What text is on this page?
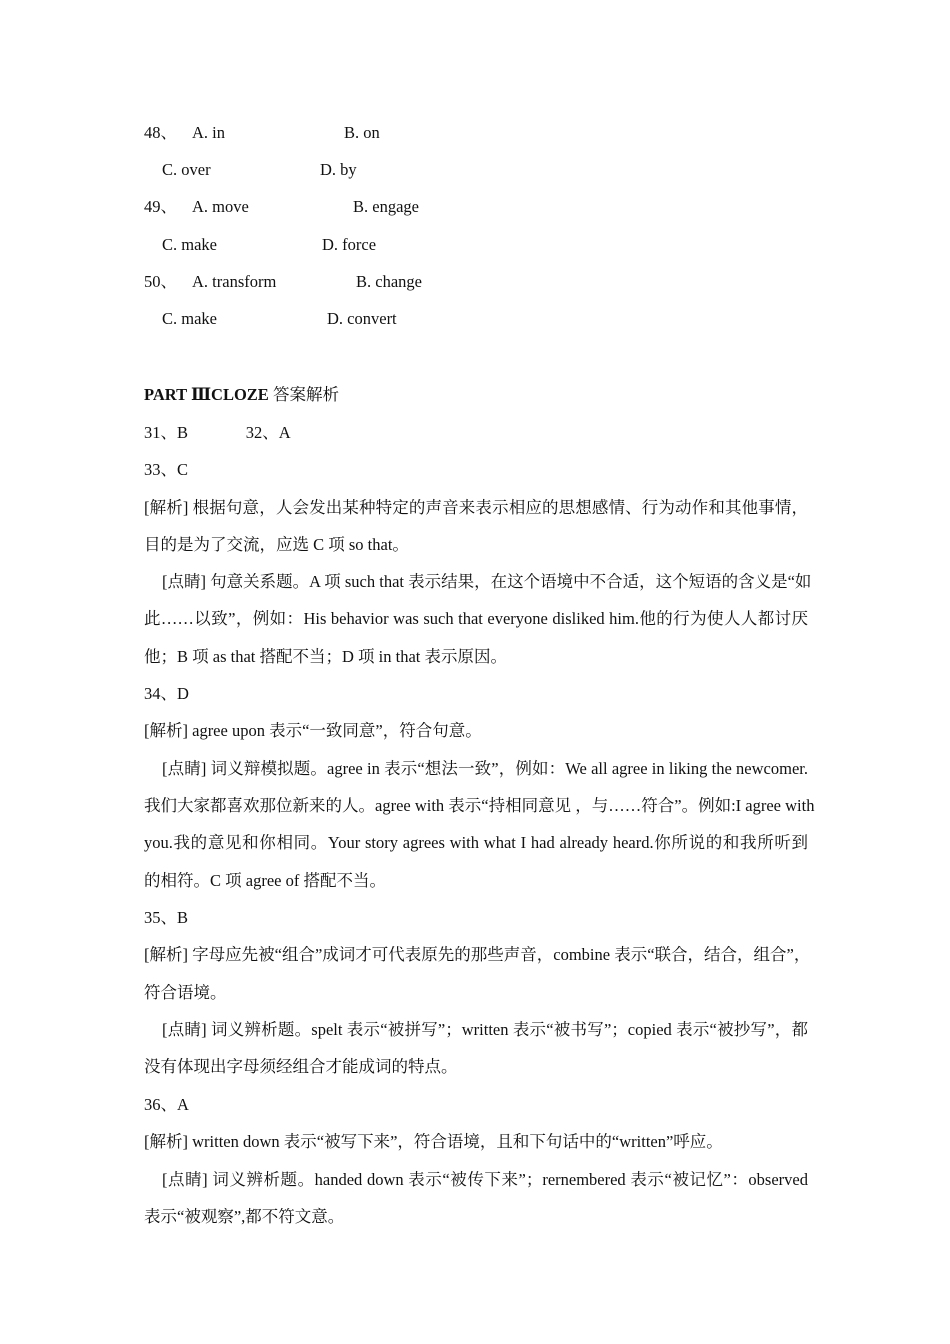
48、 A. in	B. on
C. over	D. by
49、 A. move	B. engage
C. make	D. force
50、 A. transform	B. change
C. make	D. convert
PART ⅢCLOZE 答案解析
31、B              32、A
33、C
[解析] 根据句意，人会发出某种特定的声音来表示相应的思想感情、行为动作和其他事情，
目的是为了交流，应选 C 项 so that。
[点睛] 句意关系题。A 项 such that 表示结果，在这个语境中不合适，这个短语的含义是“如
此……以致”，例如：His behavior was such that everyone disliked him.他的行为使人人都讨厌
他；B 项 as that 搭配不当；D 项 in that 表示原因。
34、D
[解析] agree upon 表示“一致同意”，符合句意。
[点睛] 词义辩模拟题。agree in 表示“想法一致”，例如：We all agree in liking the newcomer.
我们大家都喜欢那位新来的人。agree with 表示“持相同意见 ，与……符合”。例如:I agree with
you.我的意见和你相同。Your story agrees with what I had already heard.你所说的和我所听到
的相符。C 项 agree of 搭配不当。
35、B
[解析] 字母应先被“组合”成词才可代表原先的那些声音，combine 表示“联合，结合，组合”，
符合语境。
[点睛] 词义辨析题。spelt 表示“被拼写”；written 表示“被书写”；copied 表示“被抄写”，都
没有体现出字母须经组合才能成词的特点。
36、A
[解析] written down 表示“被写下来”，符合语境，且和下句话中的“written”呼应。
[点睛] 词义辨析题。handed down 表示“被传下来”；rernembered 表示“被记忆”：observed
表示“被观察”,都不符文意。
